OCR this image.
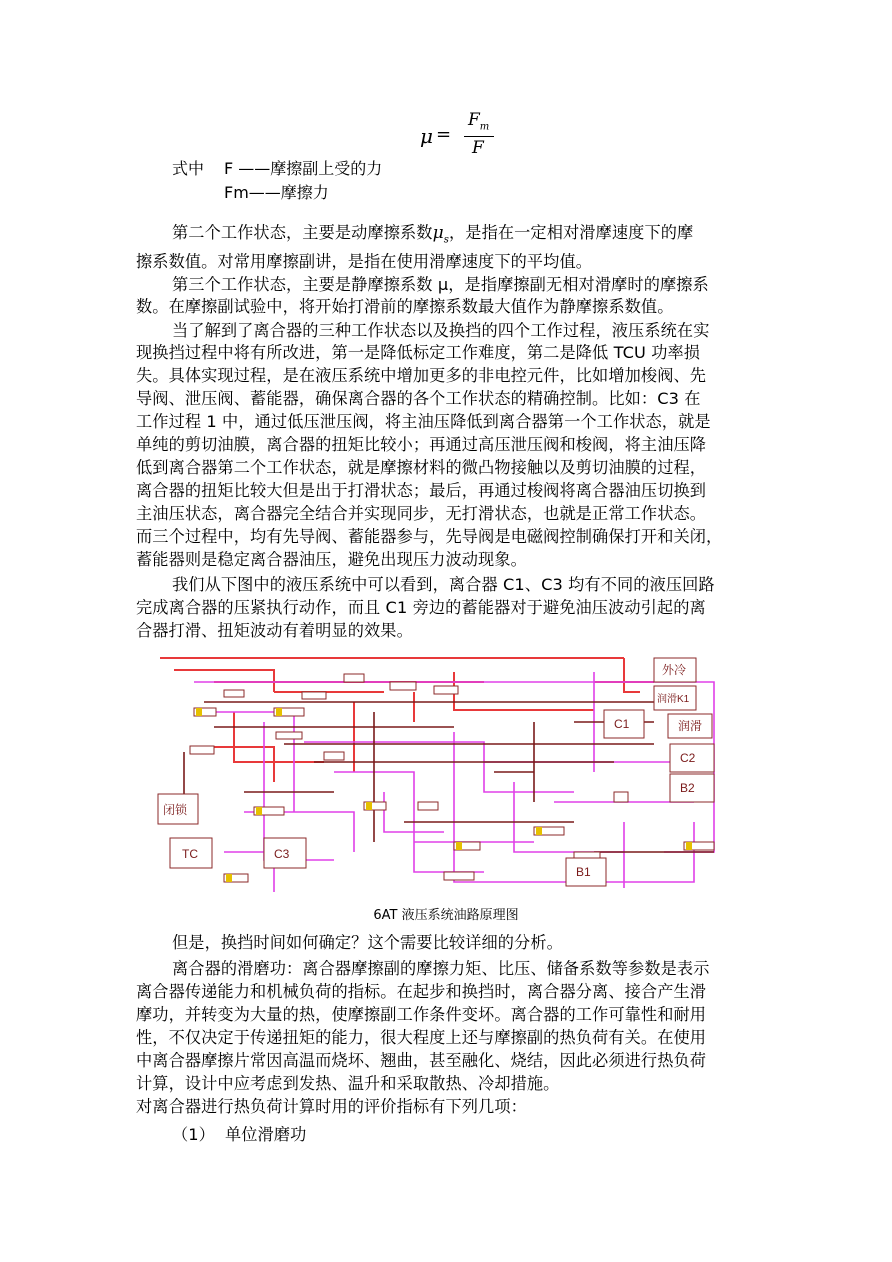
μ =
$F_m$
F
式中 F ——摩擦副上受的力
Fm——摩擦力
第二个工作状态，主要是动摩擦系数$\mu_s$，是指在一定相对滑摩速度下的摩
擦系数值。对常用摩擦副讲，是指在使用滑摩速度下的平均值。
第三个工作状态，主要是静摩擦系数 μ，是指摩擦副无相对滑摩时的摩擦系
数。在摩擦副试验中，将开始打滑前的摩擦系数最大值作为静摩擦系数值。
当了解到了离合器的三种工作状态以及换挡的四个工作过程，液压系统在实
现换挡过程中将有所改进，第一是降低标定工作难度，第二是降低 TCU 功率损
失。具体实现过程，是在液压系统中增加更多的非电控元件，比如增加梭阀、先
导阀、泄压阀、蓄能器，确保离合器的各个工作状态的精确控制。比如：C3 在
工作过程 1 中，通过低压泄压阀，将主油压降低到离合器第一个工作状态，就是
单纯的剪切油膜，离合器的扭矩比较小；再通过高压泄压阀和梭阀，将主油压降
低到离合器第二个工作状态，就是摩擦材料的微凸物接触以及剪切油膜的过程，
离合器的扭矩比较大但是出于打滑状态；最后，再通过梭阀将离合器油压切换到
主油压状态，离合器完全结合并实现同步，无打滑状态，也就是正常工作状态。
而三个过程中，均有先导阀、蓄能器参与，先导阀是电磁阀控制确保打开和关闭，
蓄能器则是稳定离合器油压，避免出现压力波动现象。
我们从下图中的液压系统中可以看到，离合器 C1、C3 均有不同的液压回路
完成离合器的压紧执行动作，而且 C1 旁边的蓄能器对于避免油压波动引起的离
合器打滑、扭矩波动有着明显的效果。
外冷
润滑K1
润滑
C1
C2
B2
闭锁
TC	C3
B1
6AT 液压系统油路原理图
但是，换挡时间如何确定？这个需要比较详细的分析。
离合器的滑磨功：离合器摩擦副的摩擦力矩、比压、储备系数等参数是表示
离合器传递能力和机械负荷的指标。在起步和换挡时，离合器分离、接合产生滑
摩功，并转变为大量的热，使摩擦副工作条件变坏。离合器的工作可靠性和耐用
性，不仅决定于传递扭矩的能力，很大程度上还与摩擦副的热负荷有关。在使用
中离合器摩擦片常因高温而烧坏、翘曲，甚至融化、烧结，因此必须进行热负荷
计算，设计中应考虑到发热、温升和采取散热、冷却措施。
对离合器进行热负荷计算时用的评价指标有下列几项：
（1） 单位滑磨功
